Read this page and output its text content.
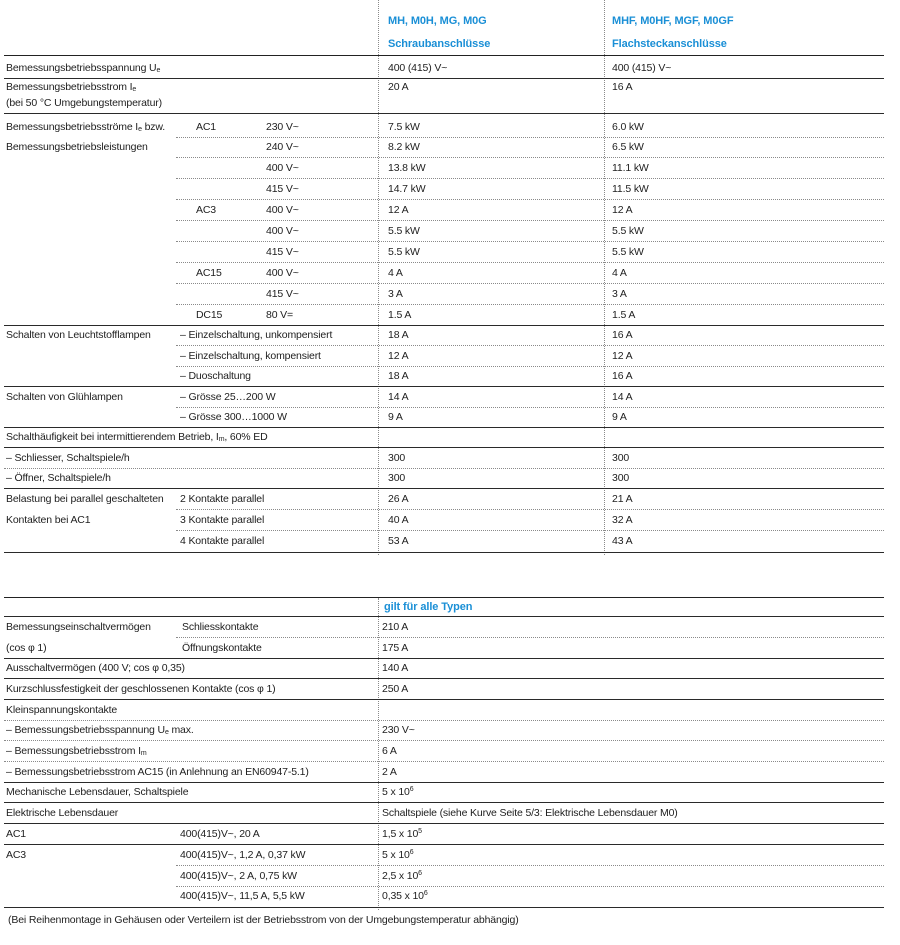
MH, M0H, MG, M0G
Schraubanschlüsse
MHF, M0HF, MGF, M0GF
Flachsteckanschlüsse
Bemessungsbetriebsspannung $U_e$	400 (415) V~	400 (415) V~
Bemessungsbetriebsstrom $I_e$	20 A	16 A
(bei 50 °C Umgebungstemperatur)
Bemessungsbetriebsströme $I_e$ bzw.	AC1	230 V~	7.5 kW	6.0 kW
Bemessungsbetriebsleistungen	240 V~	8.2 kW	6.5 kW
400 V~	13.8 kW	11.1 kW
415 V~	14.7 kW	11.5 kW
AC3	400 V~	12 A	12 A
400 V~	5.5 kW	5.5 kW
415 V~	5.5 kW	5.5 kW
AC15	400 V~	4 A	4 A
415 V~	3 A	3 A
DC15	80 V=	1.5 A	1.5 A
Schalten von Leuchtstofflampen	– Einzelschaltung, unkompensiert	18 A	16 A
– Einzelschaltung, kompensiert	12 A	12 A
– Duoschaltung	18 A	16 A
Schalten von Glühlampen	– Grösse 25…200 W	14 A	14 A
– Grösse 300…1000 W	9 A	9 A
Schalthäufigkeit bei intermittierendem Betrieb, $I_m$, 60% ED
– Schliesser, Schaltspiele/h	300	300
– Öffner, Schaltspiele/h	300	300
Belastung bei parallel geschalteten 2 Kontakte parallel	26 A	21 A
Kontakten bei AC1	3 Kontakte parallel	40 A	32 A
4 Kontakte parallel	53 A	43 A
gilt für alle Typen
Bemessungseinschaltvermögen	Schliesskontakte	210 A
(cos φ 1)	Öffnungskontakte	175 A
Ausschaltvermögen (400 V; cos φ 0,35)	140 A
Kurzschlussfestigkeit der geschlossenen Kontakte (cos φ 1)	250 A
Kleinspannungskontakte
– Bemessungsbetriebsspannung $U_e$ max.	230 V~
– Bemessungsbetriebsstrom $I_m$	6 A
– Bemessungsbetriebsstrom AC15 (in Anlehnung an EN60947-5.1)	2 A
Mechanische Lebensdauer, Schaltspiele	5 x $10^6$
Elektrische Lebensdauer	Schaltspiele (siehe Kurve Seite 5/3: Elektrische Lebensdauer M0)
AC1	400(415)V~, 20 A	1,5 x $10^5$
AC3	400(415)V~, 1,2 A, 0,37 kW	5 x $10^6$
400(415)V~, 2 A, 0,75 kW	2,5 x $10^6$
400(415)V~, 11,5 A, 5,5 kW	0,35 x $10^6$
(Bei Reihenmontage in Gehäusen oder Verteilern ist der Betriebsstrom von der Umgebungstemperatur abhängig)
